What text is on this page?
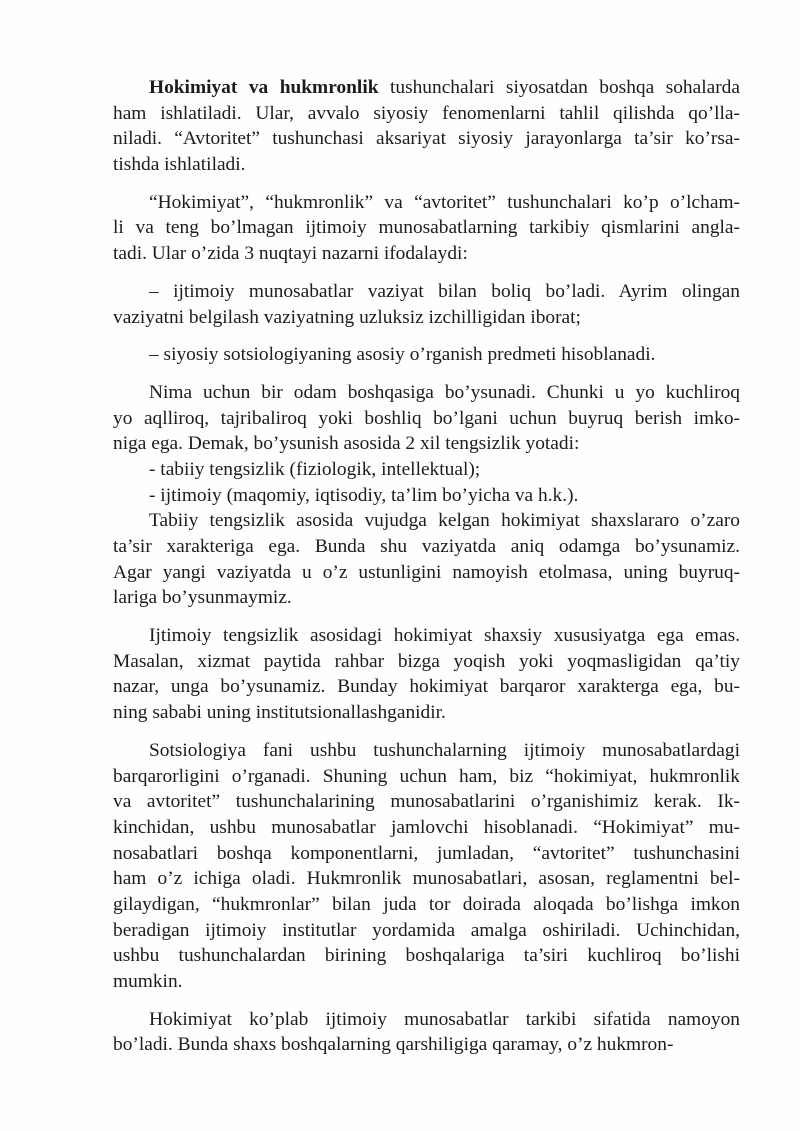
Hokimiyat va hukmronlik tushunchalari siyosatdan boshqa sohalarda
ham ishlatiladi. Ular, avvalo siyosiy fenomenlarni tahlil qilishda qo’lla-
niladi. “Avtoritet” tushunchasi aksariyat siyosiy jarayonlarga ta’sir ko’rsa-
tishda ishlatiladi.
“Hokimiyat”, “hukmronlik” va “avtoritet” tushunchalari ko’p o’lcham-
li va teng bo’lmagan ijtimoiy munosabatlarning tarkibiy qismlarini angla-
tadi. Ular o’zida 3 nuqtayi nazarni ifodalaydi:
– ijtimoiy munosabatlar vaziyat bilan boliq bo’ladi. Ayrim olingan
vaziyatni belgilash vaziyatning uzluksiz izchilligidan iborat;
– siyosiy sotsiologiyaning asosiy o’rganish predmeti hisoblanadi.
Nima uchun bir odam boshqasiga bo’ysunadi. Chunki u yo kuchliroq
yo aqlliroq, tajribaliroq yoki boshliq bo’lgani uchun buyruq berish imko-
niga ega. Demak, bo’ysunish asosida 2 xil tengsizlik yotadi:
- tabiiy tengsizlik (fiziologik, intellektual);
- ijtimoiy (maqomiy, iqtisodiy, ta’lim bo’yicha va h.k.).
Tabiiy tengsizlik asosida vujudga kelgan hokimiyat shaxslararo o’zaro
ta’sir xarakteriga ega. Bunda shu vaziyatda aniq odamga bo’ysunamiz.
Agar yangi vaziyatda u o’z ustunligini namoyish etolmasa, uning buyruq-
lariga bo’ysunmaymiz.
Ijtimoiy tengsizlik asosidagi hokimiyat shaxsiy xususiyatga ega emas.
Masalan, xizmat paytida rahbar bizga yoqish yoki yoqmasligidan qa’tiy
nazar, unga bo’ysunamiz. Bunday hokimiyat barqaror xarakterga ega, bu-
ning sababi uning institutsionallashganidir.
Sotsiologiya fani ushbu tushunchalarning ijtimoiy munosabatlardagi
barqarorligini o’rganadi. Shuning uchun ham, biz “hokimiyat, hukmronlik
va avtoritet” tushunchalarining munosabatlarini o’rganishimiz kerak. Ik-
kinchidan, ushbu munosabatlar jamlovchi hisoblanadi. “Hokimiyat” mu-
nosabatlari boshqa komponentlarni, jumladan, “avtoritet” tushunchasini
ham o’z ichiga oladi. Hukmronlik munosabatlari, asosan, reglamentni bel-
gilaydigan, “hukmronlar” bilan juda tor doirada aloqada bo’lishga imkon
beradigan ijtimoiy institutlar yordamida amalga oshiriladi. Uchinchidan,
ushbu tushunchalardan birining boshqalariga ta’siri kuchliroq bo’lishi
mumkin.
Hokimiyat ko’plab ijtimoiy munosabatlar tarkibi sifatida namoyon
bo’ladi. Bunda shaxs boshqalarning qarshiligiga qaramay, o’z hukmron-
